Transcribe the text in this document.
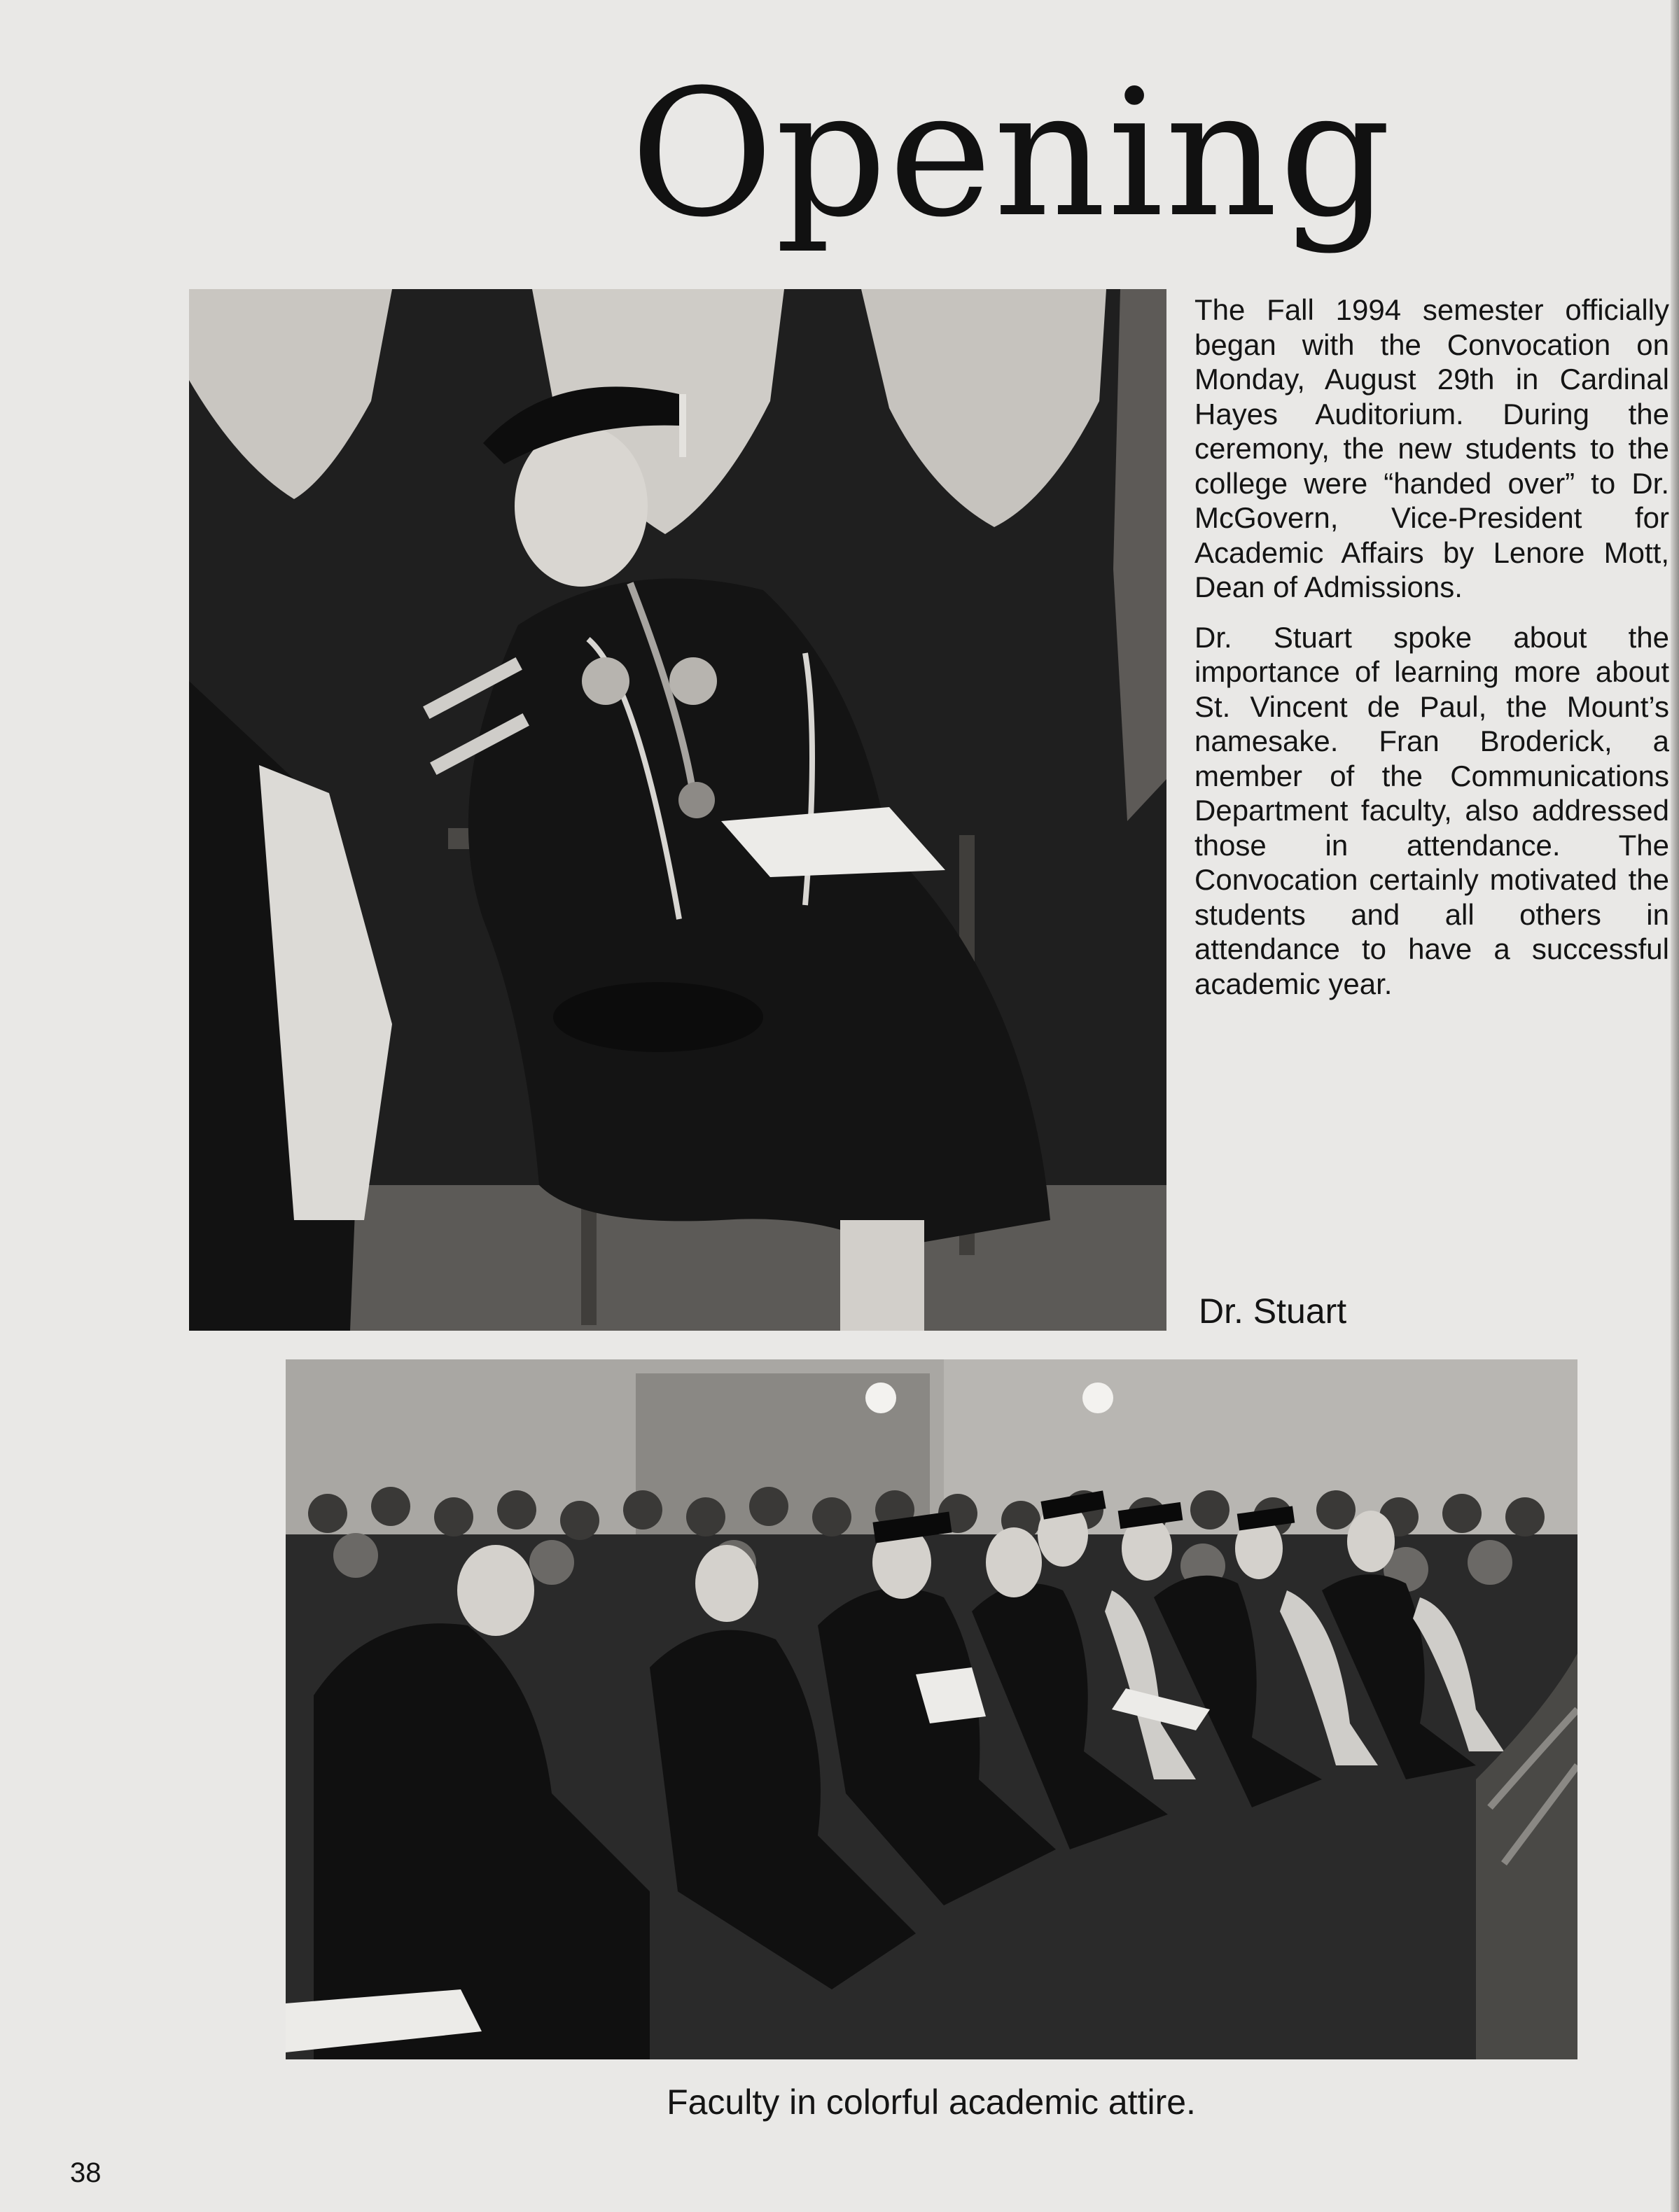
Opening

The Fall 1994 semester officially began with the Convocation on Monday, August 29th in Cardinal Hayes Auditorium. During the ceremony, the new students to the college were “handed over” to Dr. McGovern, Vice-President for Academic Affairs by Lenore Mott, Dean of Admissions.

Dr. Stuart spoke about the importance of learning more about St. Vincent de Paul, the Mount’s namesake. Fran Broderick, a member of the Communications Department faculty, also addressed those in attendance. The Convocation certainly motivated the students and all others in attendance to have a successful academic year.

Dr. Stuart
Faculty in colorful academic attire.
38
